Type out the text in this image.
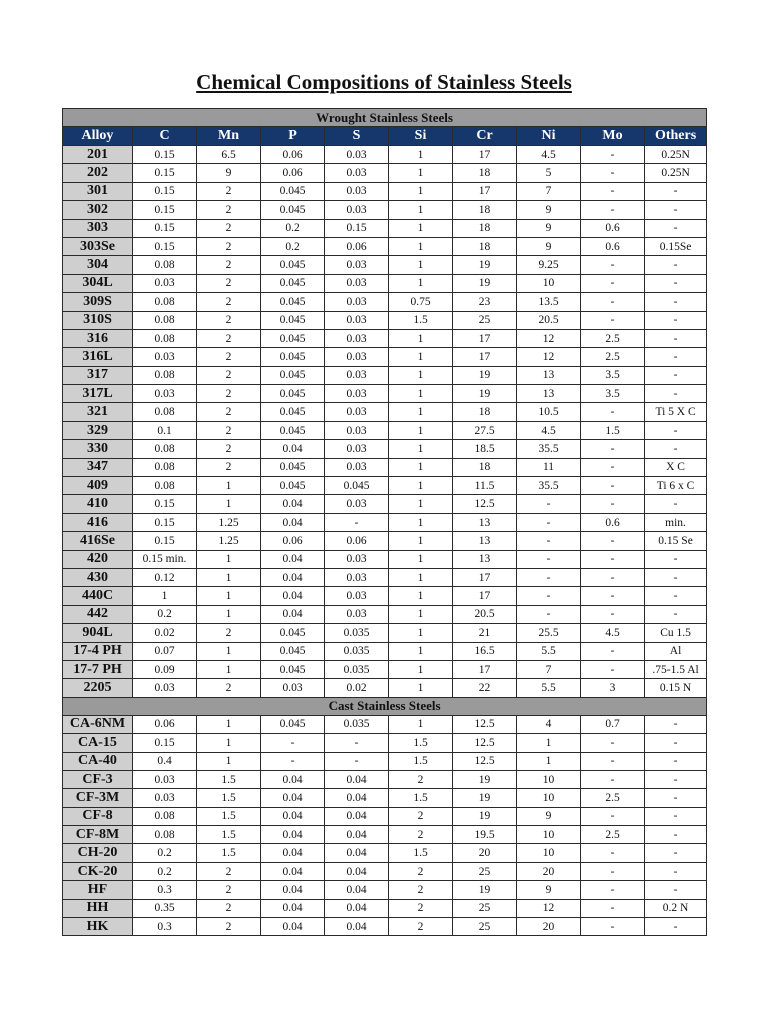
Chemical Compositions of Stainless Steels
Wrought Stainless Steels									
Alloy	C	Mn	P	S	Si	Cr	Ni	Mo	Others
201	0.15	6.5	0.06	0.03	1	17	4.5	-	0.25N
202	0.15	9	0.06	0.03	1	18	5	-	0.25N
301	0.15	2	0.045	0.03	1	17	7	-	-
302	0.15	2	0.045	0.03	1	18	9	-	-
303	0.15	2	0.2	0.15	1	18	9	0.6	-
303Se	0.15	2	0.2	0.06	1	18	9	0.6	0.15Se
304	0.08	2	0.045	0.03	1	19	9.25	-	-
304L	0.03	2	0.045	0.03	1	19	10	-	-
309S	0.08	2	0.045	0.03	0.75	23	13.5	-	-
310S	0.08	2	0.045	0.03	1.5	25	20.5	-	-
316	0.08	2	0.045	0.03	1	17	12	2.5	-
316L	0.03	2	0.045	0.03	1	17	12	2.5	-
317	0.08	2	0.045	0.03	1	19	13	3.5	-
317L	0.03	2	0.045	0.03	1	19	13	3.5	-
321	0.08	2	0.045	0.03	1	18	10.5	-	Ti 5 X C
329	0.1	2	0.045	0.03	1	27.5	4.5	1.5	-
330	0.08	2	0.04	0.03	1	18.5	35.5	-	-
347	0.08	2	0.045	0.03	1	18	11	-	X C
409	0.08	1	0.045	0.045	1	11.5	35.5	-	Ti 6 x C
410	0.15	1	0.04	0.03	1	12.5	-	-	-
416	0.15	1.25	0.04	-	1	13	-	0.6	min.
416Se	0.15	1.25	0.06	0.06	1	13	-	-	0.15 Se
420	0.15 min.	1	0.04	0.03	1	13	-	-	-
430	0.12	1	0.04	0.03	1	17	-	-	-
440C	1	1	0.04	0.03	1	17	-	-	-
442	0.2	1	0.04	0.03	1	20.5	-	-	-
904L	0.02	2	0.045	0.035	1	21	25.5	4.5	Cu 1.5
17-4 PH	0.07	1	0.045	0.035	1	16.5	5.5	-	Al
17-7 PH	0.09	1	0.045	0.035	1	17	7	-	.75-1.5 Al
2205	0.03	2	0.03	0.02	1	22	5.5	3	0.15 N
Cast Stainless Steels									
CA-6NM	0.06	1	0.045	0.035	1	12.5	4	0.7	-
CA-15	0.15	1	-	-	1.5	12.5	1	-	-
CA-40	0.4	1	-	-	1.5	12.5	1	-	-
CF-3	0.03	1.5	0.04	0.04	2	19	10	-	-
CF-3M	0.03	1.5	0.04	0.04	1.5	19	10	2.5	-
CF-8	0.08	1.5	0.04	0.04	2	19	9	-	-
CF-8M	0.08	1.5	0.04	0.04	2	19.5	10	2.5	-
CH-20	0.2	1.5	0.04	0.04	1.5	20	10	-	-
CK-20	0.2	2	0.04	0.04	2	25	20	-	-
HF	0.3	2	0.04	0.04	2	19	9	-	-
HH	0.35	2	0.04	0.04	2	25	12	-	0.2 N
HK	0.3	2	0.04	0.04	2	25	20	-	-
